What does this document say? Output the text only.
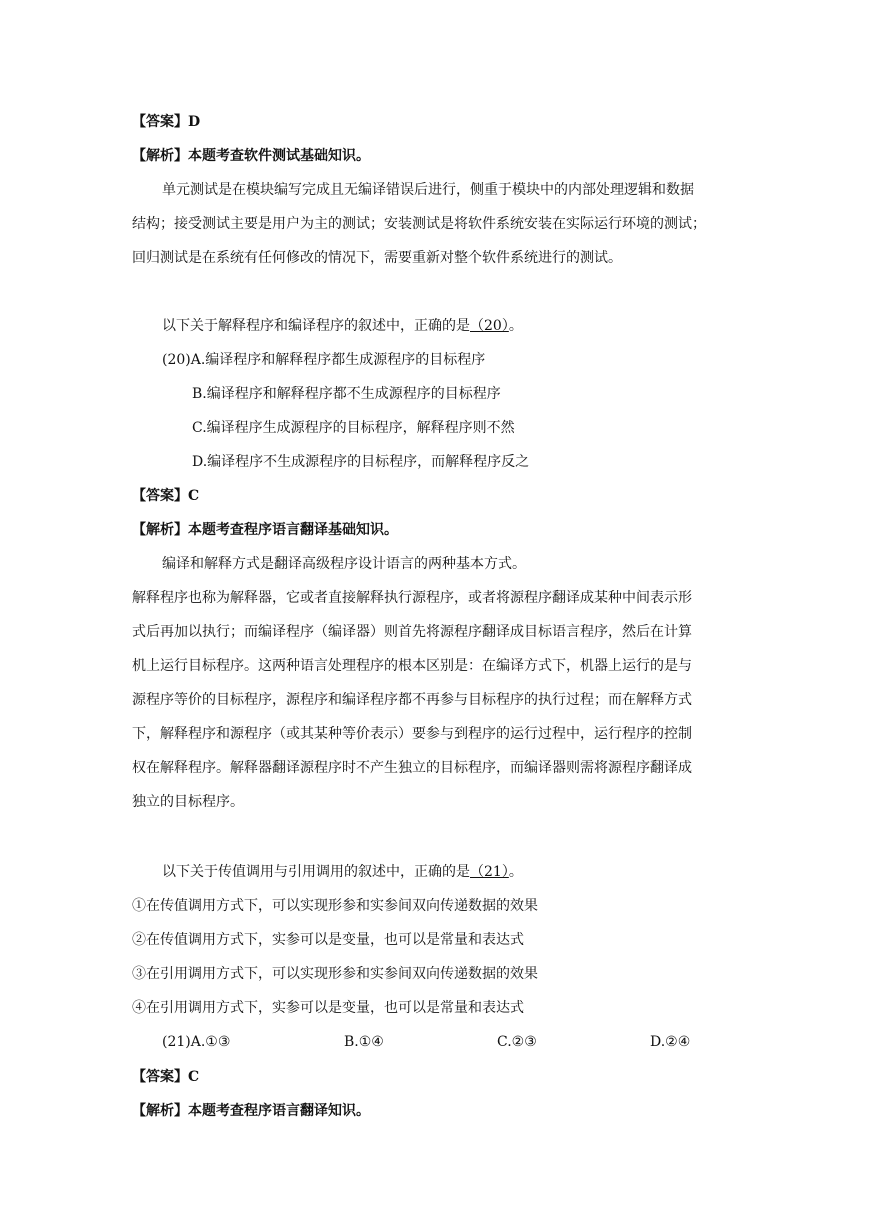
【答案】D
【解析】本题考查软件测试基础知识。
单元测试是在模块编写完成且无编译错误后进行，侧重于模块中的内部处理逻辑和数据
结构；接受测试主要是用户为主的测试；安装测试是将软件系统安装在实际运行环境的测试；
回归测试是在系统有任何修改的情况下，需要重新对整个软件系统进行的测试。
以下关于解释程序和编译程序的叙述中，正确的是（20）。
(20)A.编译程序和解释程序都生成源程序的目标程序
B.编译程序和解释程序都不生成源程序的目标程序
C.编译程序生成源程序的目标程序，解释程序则不然
D.编译程序不生成源程序的目标程序，而解释程序反之
【答案】C
【解析】本题考查程序语言翻译基础知识。
编译和解释方式是翻译高级程序设计语言的两种基本方式。
解释程序也称为解释器，它或者直接解释执行源程序，或者将源程序翻译成某种中间表示形
式后再加以执行；而编译程序（编译器）则首先将源程序翻译成目标语言程序，然后在计算
机上运行目标程序。这两种语言处理程序的根本区别是：在编译方式下，机器上运行的是与
源程序等价的目标程序，源程序和编译程序都不再参与目标程序的执行过程；而在解释方式
下，解释程序和源程序（或其某种等价表示）要参与到程序的运行过程中，运行程序的控制
权在解释程序。解释器翻译源程序时不产生独立的目标程序，而编译器则需将源程序翻译成
独立的目标程序。
以下关于传值调用与引用调用的叙述中，正确的是（21）。
①在传值调用方式下，可以实现形参和实参间双向传递数据的效果
②在传值调用方式下，实参可以是变量，也可以是常量和表达式
③在引用调用方式下，可以实现形参和实参间双向传递数据的效果
④在引用调用方式下，实参可以是变量，也可以是常量和表达式
(21)A.①③	B.①④	C.②③	D.②④
【答案】C
【解析】本题考查程序语言翻译知识。
